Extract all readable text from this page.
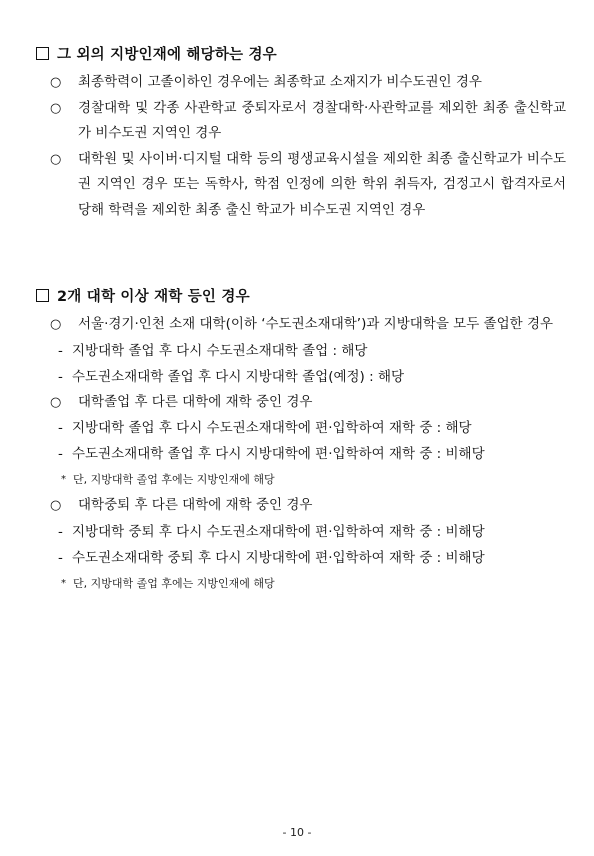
그 외의 지방인재에 해당하는 경우
○	최종학력이 고졸이하인 경우에는 최종학교 소재지가 비수도권인 경우
○	경찰대학 및 각종 사관학교 중퇴자로서 경찰대학·사관학교를 제외한 최종 출신학교가 비수도권 지역인 경우
○	대학원 및 사이버·디지털 대학 등의 평생교육시설을 제외한 최종 출신학교가 비수도권 지역인 경우 또는 독학사, 학점 인정에 의한 학위 취득자, 검정고시 합격자로서 당해 학력을 제외한 최종 출신 학교가 비수도권 지역인 경우
2개 대학 이상 재학 등인 경우
○	서울·경기·인천 소재 대학(이하 ‘수도권소재대학’)과 지방대학을 모두 졸업한 경우
- 지방대학 졸업 후 다시 수도권소재대학 졸업 : 해당
- 수도권소재대학 졸업 후 다시 지방대학 졸업(예정) : 해당
○	대학졸업 후 다른 대학에 재학 중인 경우
- 지방대학 졸업 후 다시 수도권소재대학에 편·입학하여 재학 중 : 해당
- 수도권소재대학 졸업 후 다시 지방대학에 편·입학하여 재학 중 : 비해당
* 단, 지방대학 졸업 후에는 지방인재에 해당
○	대학중퇴 후 다른 대학에 재학 중인 경우
- 지방대학 중퇴 후 다시 수도권소재대학에 편·입학하여 재학 중 : 비해당
- 수도권소재대학 중퇴 후 다시 지방대학에 편·입학하여 재학 중 : 비해당
* 단, 지방대학 졸업 후에는 지방인재에 해당
- 10 -
